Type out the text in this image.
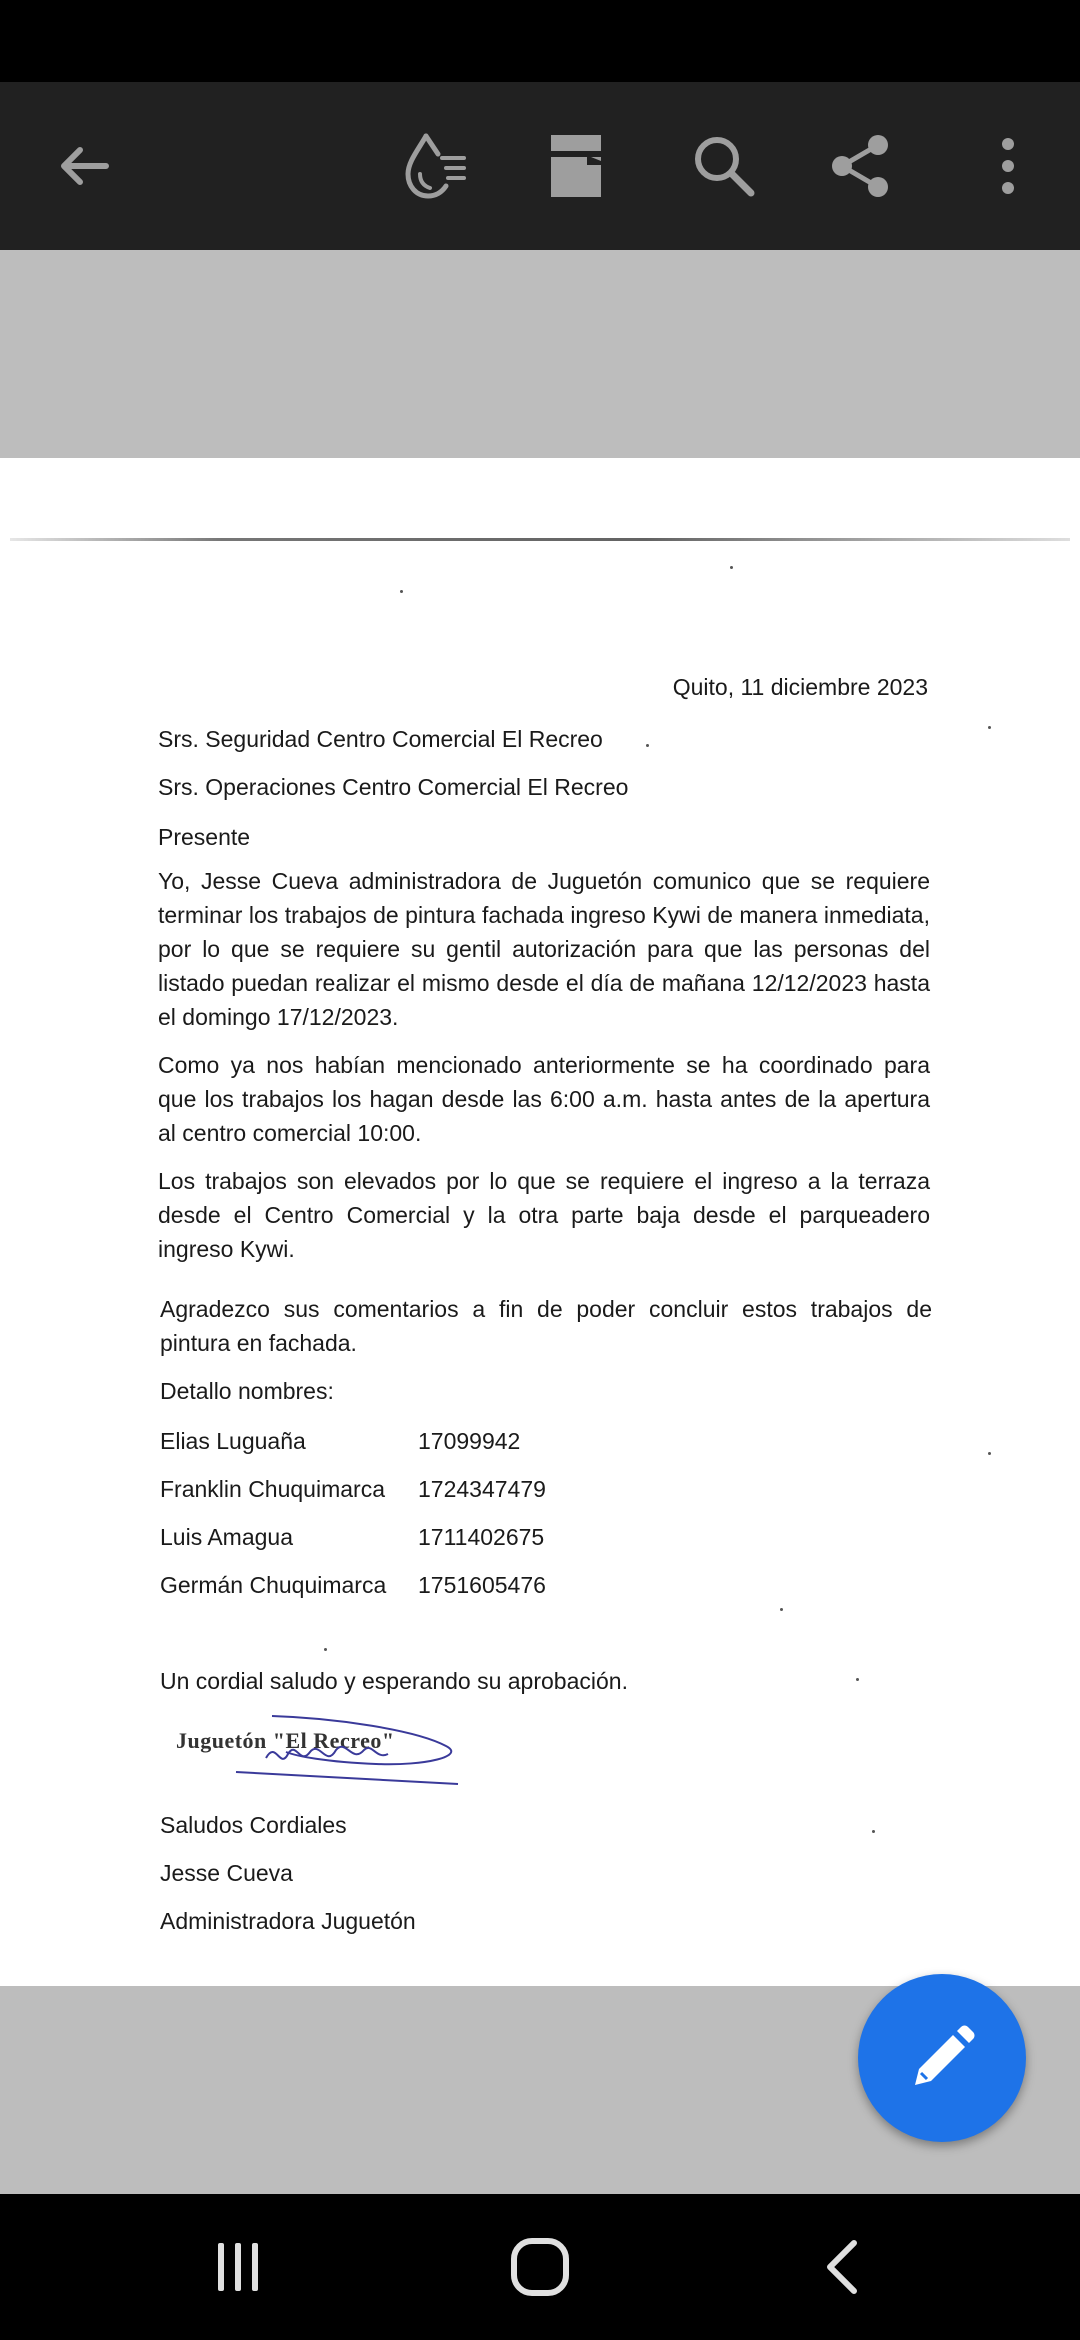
Quito, 11 diciembre 2023
Srs. Seguridad Centro Comercial El Recreo
Srs. Operaciones Centro Comercial El Recreo
Presente
Yo, Jesse Cueva administradora de Juguetón comunico que se requiere terminar los trabajos de pintura fachada ingreso Kywi de manera inmediata, por lo que se requiere su gentil autorización para que las personas del listado puedan realizar el mismo desde el día de mañana 12/12/2023 hasta el domingo 17/12/2023.
Como ya nos habían mencionado anteriormente se ha coordinado para que los trabajos los hagan desde las 6:00 a.m. hasta antes de la apertura al centro comercial 10:00.
Los trabajos son elevados por lo que se requiere el ingreso a la terraza desde el Centro Comercial y la otra parte baja desde el parqueadero ingreso Kywi.
Agradezco sus comentarios a fin de poder concluir estos trabajos de pintura en fachada.
Detallo nombres:
Elias Luguaña	17099942
Franklin Chuquimarca 1724347479
Luis Amagua	1711402675
Germán Chuquimarca 1751605476
Un cordial saludo y esperando su aprobación.
Juguetón "El Recreo"
Saludos Cordiales
Jesse Cueva
Administradora Juguetón
